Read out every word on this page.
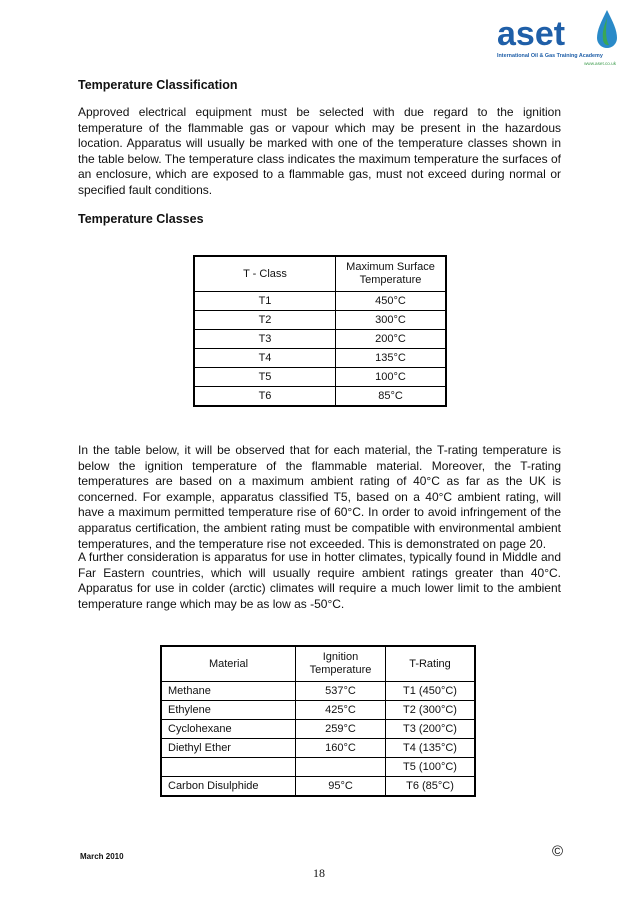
aset
International Oil & Gas Training Academy
www.aset.co.uk
Temperature Classification

Approved electrical equipment must be selected with due regard to the ignition temperature of the flammable gas or vapour which may be present in the hazardous location. Apparatus will usually be marked with one of the temperature classes shown in the table below. The temperature class indicates the maximum temperature the surfaces of an enclosure, which are exposed to a flammable gas, must not exceed during normal or specified fault conditions.

Temperature Classes
T - Class	Maximum Surface Temperature
T1	450°C
T2	300°C
T3	200°C
T4	135°C
T5	100°C
T6	85°C

In the table below, it will be observed that for each material, the T-rating temperature is below the ignition temperature of the flammable material. Moreover, the T-rating temperatures are based on a maximum ambient rating of 40°C as far as the UK is concerned. For example, apparatus classified T5, based on a 40°C ambient rating, will have a maximum permitted temperature rise of 60°C. In order to avoid infringement of the apparatus certification, the ambient rating must be compatible with environmental ambient temperatures, and the temperature rise not exceeded. This is demonstrated on page 20.

A further consideration is apparatus for use in hotter climates, typically found in Middle and Far Eastern countries, which will usually require ambient ratings greater than 40°C. Apparatus for use in colder (arctic) climates will require a much lower limit to the ambient temperature range which may be as low as -50°C.

Material	Ignition Temperature	T-Rating
Methane	537°C	T1 (450°C)
Ethylene	425°C	T2 (300°C)
Cyclohexane	259°C	T3 (200°C)
Diethyl Ether	160°C	T4 (135°C)
		T5 (100°C)
Carbon Disulphide	95°C	T6 (85°C)
March 2010	©
18
